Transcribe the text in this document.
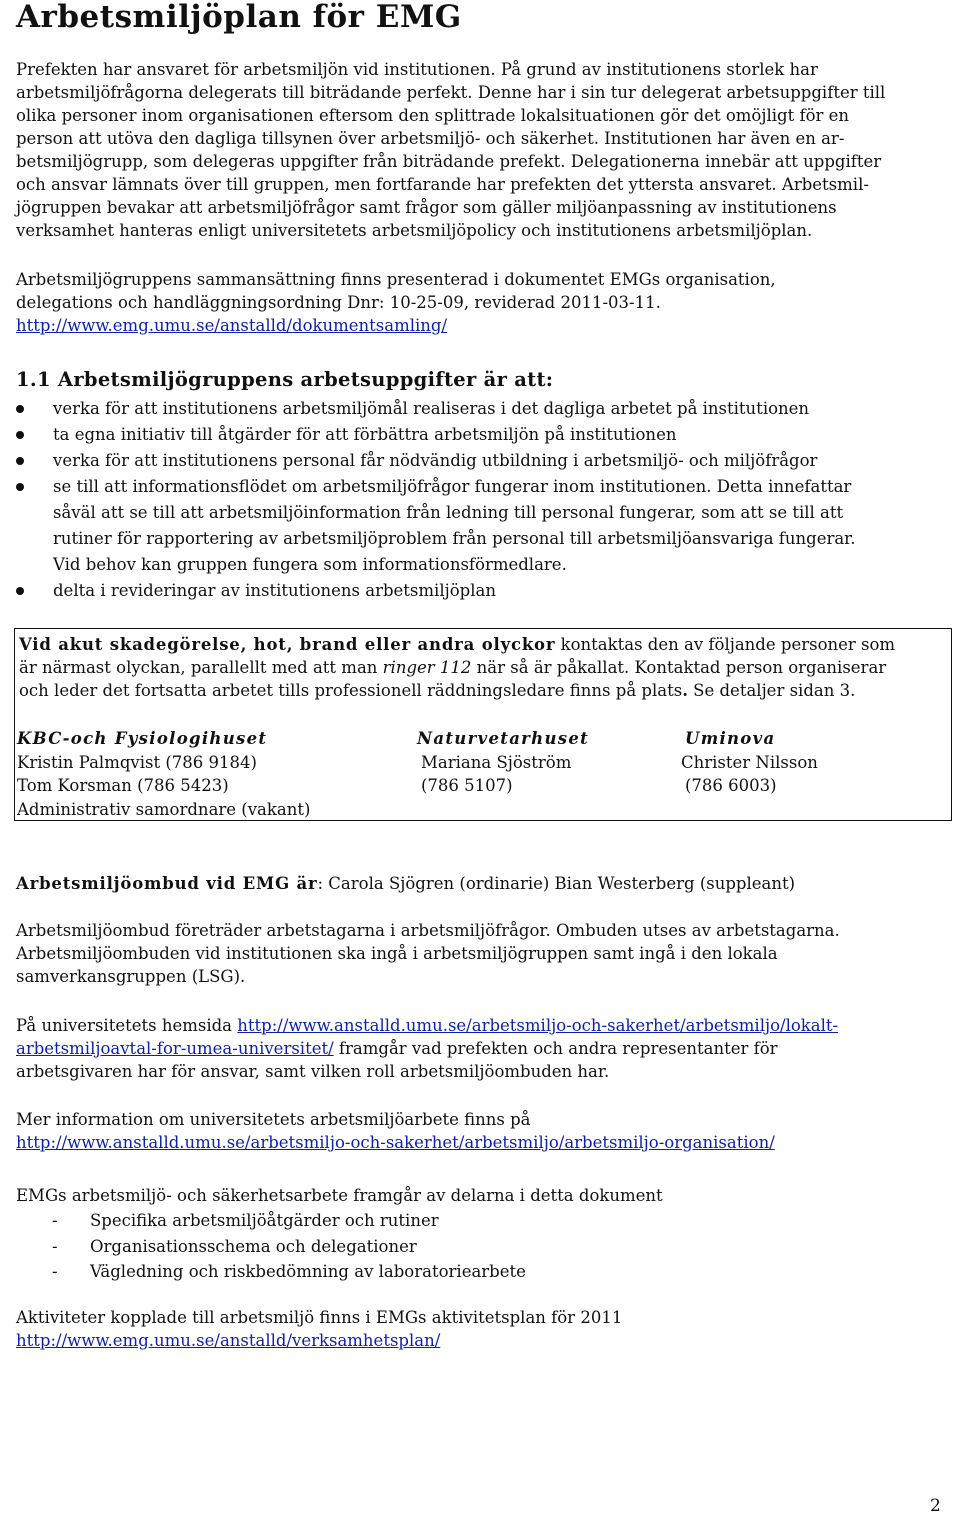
Arbetsmiljöplan för EMG
Prefekten har ansvaret för arbetsmiljön vid institutionen. På grund av institutionens storlek har
arbetsmiljöfrågorna delegerats till biträdande perfekt. Denne har i sin tur delegerat arbetsuppgifter till
olika personer inom organisationen eftersom den splittrade lokalsituationen gör det omöjligt för en
person att utöva den dagliga tillsynen över arbetsmiljö- och säkerhet. Institutionen har även en ar-
betsmiljögrupp, som delegeras uppgifter från biträdande prefekt. Delegationerna innebär att uppgifter
och ansvar lämnats över till gruppen, men fortfarande har prefekten det yttersta ansvaret. Arbetsmil-
jögruppen bevakar att arbetsmiljöfrågor samt frågor som gäller miljöanpassning av institutionens
verksamhet hanteras enligt universitetets arbetsmiljöpolicy och institutionens arbetsmiljöplan.
Arbetsmiljögruppens sammansättning finns presenterad i dokumentet EMGs organisation,
delegations och handläggningsordning Dnr: 10-25-09, reviderad 2011-03-11.
http://www.emg.umu.se/anstalld/dokumentsamling/
1.1 Arbetsmiljögruppens arbetsuppgifter är att:
verka för att institutionens arbetsmiljömål realiseras i det dagliga arbetet på institutionen
ta egna initiativ till åtgärder för att förbättra arbetsmiljön på institutionen
verka för att institutionens personal får nödvändig utbildning i arbetsmiljö- och miljöfrågor
se till att informationsflödet om arbetsmiljöfrågor fungerar inom institutionen. Detta innefattar
såväl att se till att arbetsmiljöinformation från ledning till personal fungerar, som att se till att
rutiner för rapportering av arbetsmiljöproblem från personal till arbetsmiljöansvariga fungerar.
Vid behov kan gruppen fungera som informationsförmedlare.
delta i revideringar av institutionens arbetsmiljöplan
Vid akut skadegörelse, hot, brand eller andra olyckor kontaktas den av följande personer som
är närmast olyckan, parallellt med att man ringer 112 när så är påkallat. Kontaktad person organiserar
och leder det fortsatta arbetet tills professionell räddningsledare finns på plats. Se detaljer sidan 3.
KBC-och Fysiologihuset
Kristin Palmqvist (786 9184)
Tom Korsman (786 5423)
Administrativ samordnare (vakant)
Naturvetarhuset
Mariana Sjöström
(786 5107)
Uminova
Christer Nilsson
(786 6003)
Arbetsmiljöombud vid EMG är: Carola Sjögren (ordinarie) Bian Westerberg (suppleant)
Arbetsmiljöombud företräder arbetstagarna i arbetsmiljöfrågor. Ombuden utses av arbetstagarna.
Arbetsmiljöombuden vid institutionen ska ingå i arbetsmiljögruppen samt ingå i den lokala
samverkansgruppen (LSG).
På universitetets hemsida http://www.anstalld.umu.se/arbetsmiljo-och-sakerhet/arbetsmiljo/lokalt-
arbetsmiljoavtal-for-umea-universitet/ framgår vad prefekten och andra representanter för
arbetsgivaren har för ansvar, samt vilken roll arbetsmiljöombuden har.
Mer information om universitetets arbetsmiljöarbete finns på
http://www.anstalld.umu.se/arbetsmiljo-och-sakerhet/arbetsmiljo/arbetsmiljo-organisation/
EMGs arbetsmiljö- och säkerhetsarbete framgår av delarna i detta dokument
- Specifika arbetsmiljöåtgärder och rutiner
- Organisationsschema och delegationer
- Vägledning och riskbedömning av laboratoriearbete
Aktiviteter kopplade till arbetsmiljö finns i EMGs aktivitetsplan för 2011
http://www.emg.umu.se/anstalld/verksamhetsplan/
2
